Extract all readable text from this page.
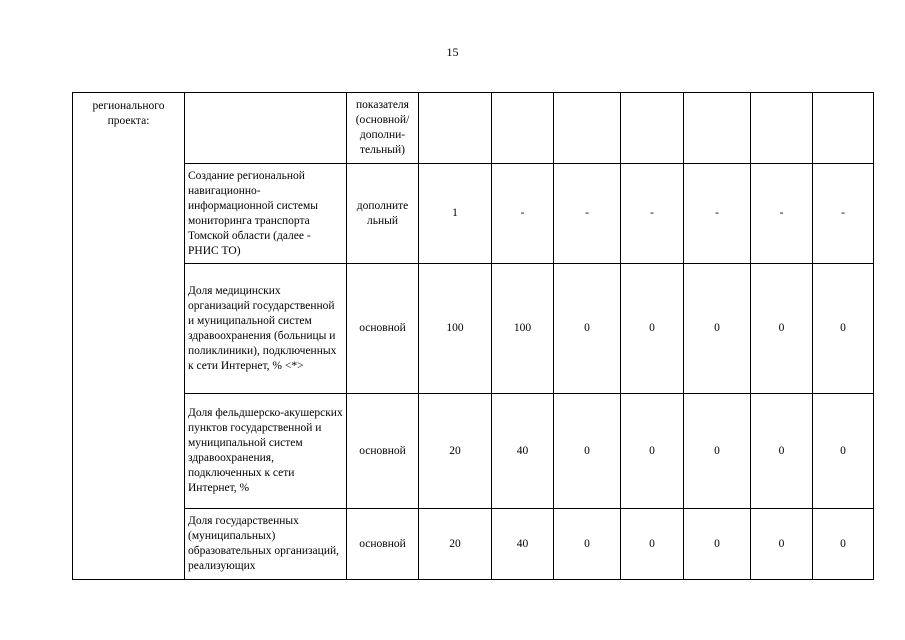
15
регионального проекта:		показателя (основной/ дополни- тельный)							
	Создание региональной навигационно-информационной системы мониторинга транспорта Томской области (далее - РНИС ТО)	дополните льный	1	-	-	-	-	-	-
	Доля медицинских организаций государственной и муниципальной систем здравоохранения (больницы и поликлиники), подключенных к сети Интернет, % <*>	основной	100	100	0	0	0	0	0
	Доля фельдшерско-акушерских пунктов государственной и муниципальной систем здравоохранения, подключенных к сети Интернет, %	основной	20	40	0	0	0	0	0
	Доля государственных (муниципальных) образовательных организаций, реализующих	основной	20	40	0	0	0	0	0
